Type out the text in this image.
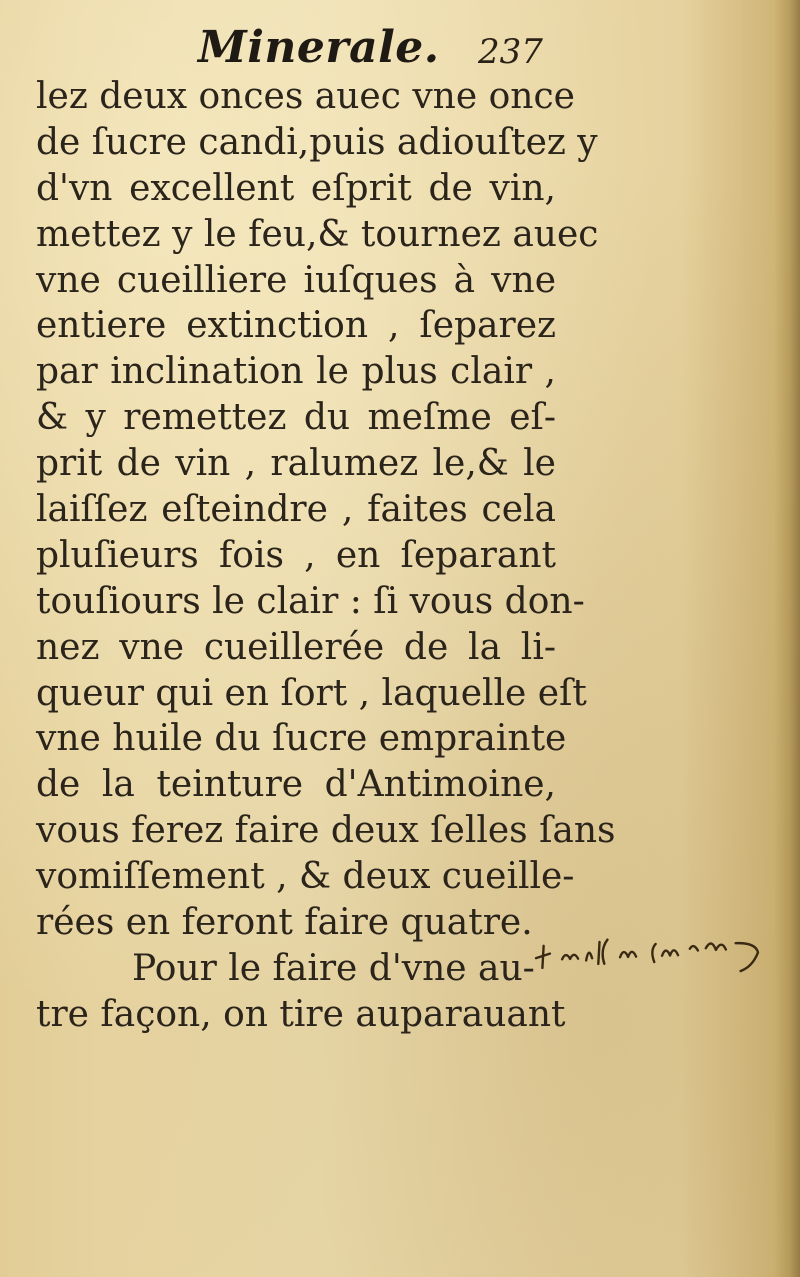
Minerale. 237
lez deux onces auec vne once
de ſucre candi,puis adiouſtez y
d'vn excellent eſprit de vin,
mettez y le feu,& tournez auec
vne cueilliere iuſques à vne
entiere extinction , ſeparez
par inclination le plus clair ,
& y remettez du meſme eſ-
prit de vin , ralumez le,& le
laiſſez eſteindre , faites cela
pluſieurs fois , en ſeparant
touſiours le clair : ſi vous don-
nez vne cueillerée de la li-
queur qui en ſort , laquelle eſt
vne huile du ſucre emprainte
de la teinture d'Antimoine,
vous ferez faire deux ſelles ſans
vomiſſement , & deux cueille-
rées en feront faire quatre.
Pour le faire d'vne au-
tre façon, on tire auparauant
